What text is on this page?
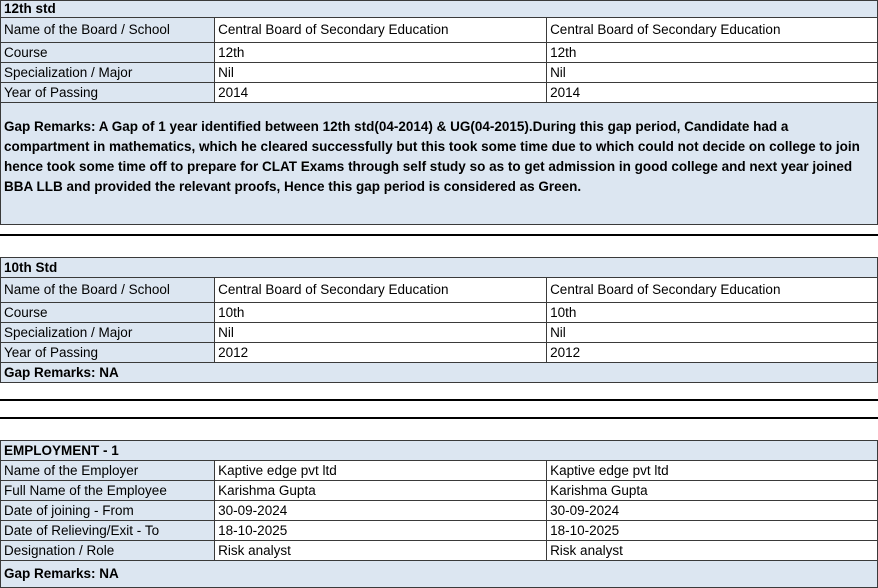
12th std		
Name of the Board / School	Central Board of Secondary Education	Central Board of Secondary Education
Course	12th	12th
Specialization / Major	Nil	Nil
Year of Passing	2014	2014
Gap Remarks: A Gap of 1 year identified between 12th std(04-2014) & UG(04-2015).During this gap period, Candidate had a compartment in mathematics, which he cleared successfully but this took some time due to which could not decide on college to join hence took some time off to prepare for CLAT Exams through self study so as to get admission in good college and next year joined BBA LLB and provided the relevant proofs, Hence this gap period is considered as Green.		
10th Std		
Name of the Board / School	Central Board of Secondary Education	Central Board of Secondary Education
Course	10th	10th
Specialization / Major	Nil	Nil
Year of Passing	2012	2012
Gap Remarks: NA		
EMPLOYMENT - 1		
Name of the Employer	Kaptive edge pvt ltd	Kaptive edge pvt ltd
Full Name of the Employee	Karishma Gupta	Karishma Gupta
Date of joining - From	30-09-2024	30-09-2024
Date of Relieving/Exit - To	18-10-2025	18-10-2025
Designation / Role	Risk analyst	Risk analyst
Gap Remarks: NA		
